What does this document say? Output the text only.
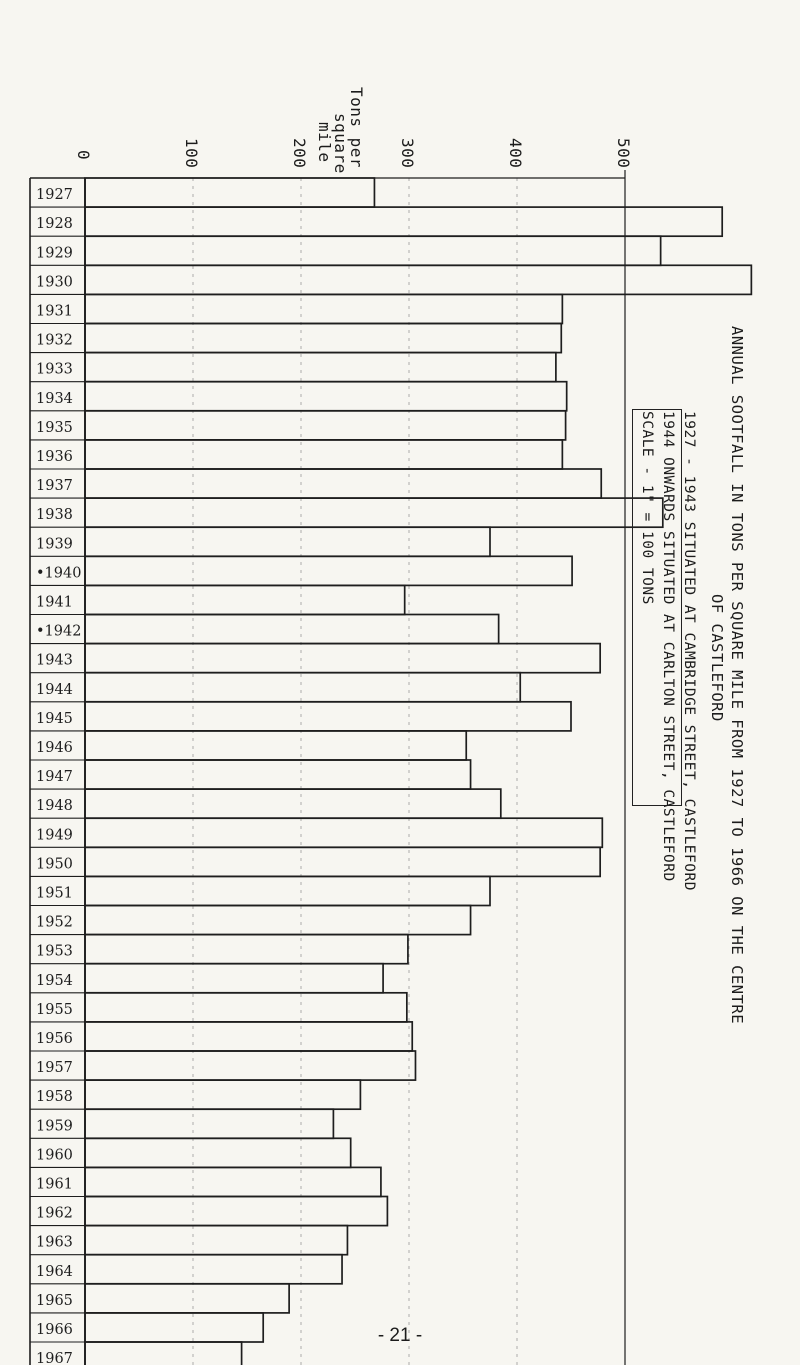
1927
1928
1929
1930
1931
1932
1933
1934
1935
1936
1937
1938
1939
•1940
1941
•1942
1943
1944
1945
1946
1947
1948
1949
1950
1951
1952
1953
1954
1955
1956
1957
1958
1959
1960
1961
1962
1963
1964
1965
1966
1967
0	100	200	300	400	500
Tons per
square
mile
ANNUAL SOOTFALL IN TONS PER SQUARE MILE FROM 1927 TO 1966 ON THE CENTRE
OF CASTLEFORD
1927 - 1943 SITUATED AT CAMBRIDGE STREET, CASTLEFORD
1944 ONWARDS SITUATED AT CARLTON STREET, CASTLEFORD
SCALE - 1" = 100 TONS
- 21 -
